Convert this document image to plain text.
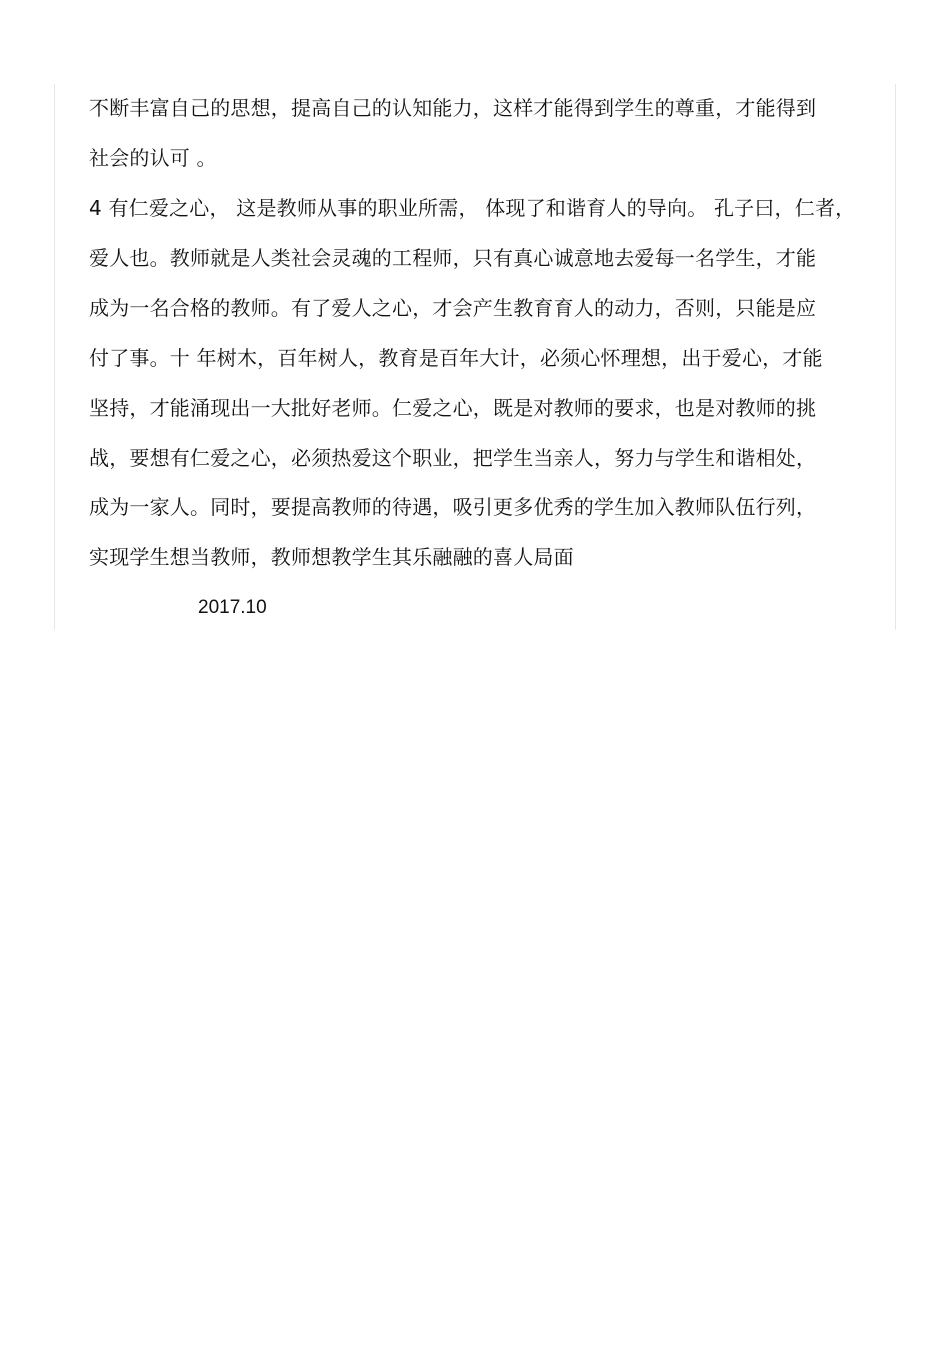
不断丰富自己的思想，提高自己的认知能力，这样才能得到学生的尊重，才能得到
社会的认可 。
4 有仁爱之心， 这是教师从事的职业所需， 体现了和谐育人的导向。 孔子曰，仁者，
爱人也。教师就是人类社会灵魂的工程师，只有真心诚意地去爱每一名学生，才能
成为一名合格的教师。有了爱人之心，才会产生教育育人的动力，否则，只能是应
付了事。十 年树木，百年树人，教育是百年大计，必须心怀理想，出于爱心，才能
坚持，才能涌现出一大批好老师。仁爱之心，既是对教师的要求，也是对教师的挑
战，要想有仁爱之心，必须热爱这个职业，把学生当亲人，努力与学生和谐相处，
成为一家人。同时，要提高教师的待遇，吸引更多优秀的学生加入教师队伍行列，
实现学生想当教师，教师想教学生其乐融融的喜人局面
2017.10
